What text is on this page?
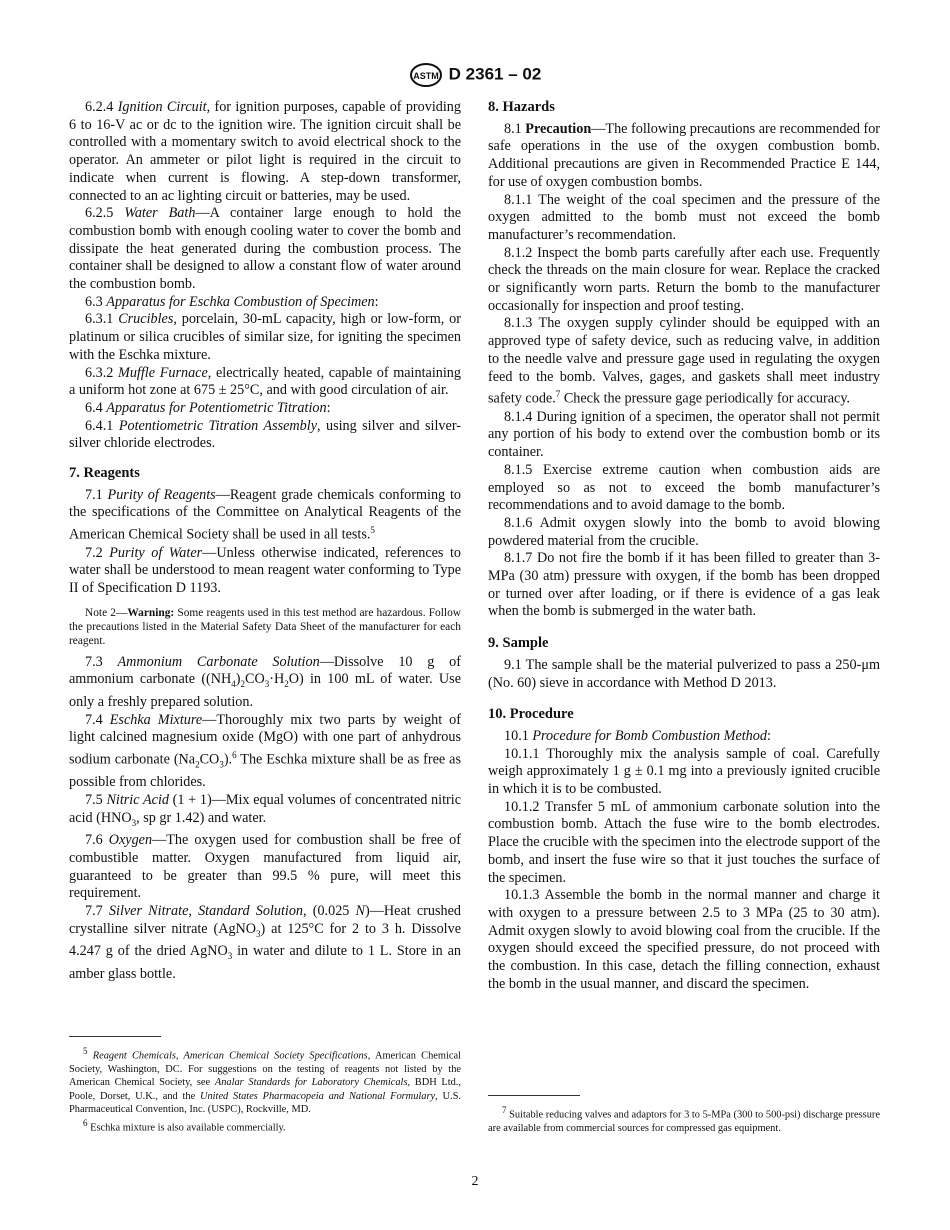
ASTM D 2361 – 02

6.2.4 Ignition Circuit, for ignition purposes, capable of providing 6 to 16-V ac or dc to the ignition wire. The ignition circuit shall be controlled with a momentary switch to avoid electrical shock to the operator. An ammeter or pilot light is required in the circuit to indicate when current is flowing. A step-down transformer, connected to an ac lighting circuit or batteries, may be used.

6.2.5 Water Bath—A container large enough to hold the combustion bomb with enough cooling water to cover the bomb and dissipate the heat generated during the combustion process. The container shall be designed to allow a constant flow of water around the combustion bomb.

6.3 Apparatus for Eschka Combustion of Specimen:

6.3.1 Crucibles, porcelain, 30-mL capacity, high or low-form, or platinum or silica crucibles of similar size, for igniting the specimen with the Eschka mixture.

6.3.2 Muffle Furnace, electrically heated, capable of maintaining a uniform hot zone at 675 ± 25°C, and with good circulation of air.

6.4 Apparatus for Potentiometric Titration:

6.4.1 Potentiometric Titration Assembly, using silver and silver-silver chloride electrodes.

7. Reagents

7.1 Purity of Reagents—Reagent grade chemicals conforming to the specifications of the Committee on Analytical Reagents of the American Chemical Society shall be used in all tests.$^5$

7.2 Purity of Water—Unless otherwise indicated, references to water shall be understood to mean reagent water conforming to Type II of Specification D 1193.

Note 2—Warning: Some reagents used in this test method are hazardous. Follow the precautions listed in the Material Safety Data Sheet of the manufacturer for each reagent.

7.3 Ammonium Carbonate Solution—Dissolve 10 g of ammonium carbonate $((NH_4)_2CO_3\cdot H_2O)$ in 100 mL of water. Use only a freshly prepared solution.

7.4 Eschka Mixture—Thoroughly mix two parts by weight of light calcined magnesium oxide (MgO) with one part of anhydrous sodium carbonate $(Na_2CO_3).^6$ The Eschka mixture shall be as free as possible from chlorides.

7.5 Nitric Acid (1 + 1)—Mix equal volumes of concentrated nitric acid ($HNO_3$, sp gr 1.42) and water.

7.6 Oxygen—The oxygen used for combustion shall be free of combustible matter. Oxygen manufactured from liquid air, guaranteed to be greater than 99.5 % pure, will meet this requirement.

7.7 Silver Nitrate, Standard Solution, (0.025 N)—Heat crushed crystalline silver nitrate (AgNO$_3$) at 125°C for 2 to 3 h. Dissolve 4.247 g of the dried AgNO$_3$ in water and dilute to 1 L. Store in an amber glass bottle.

$^5$ Reagent Chemicals, American Chemical Society Specifications, American Chemical Society, Washington, DC. For suggestions on the testing of reagents not listed by the American Chemical Society, see Analar Standards for Laboratory Chemicals, BDH Ltd., Poole, Dorset, U.K., and the United States Pharmacopeia and National Formulary, U.S. Pharmaceutical Convention, Inc. (USPC), Rockville, MD.

$^6$ Eschka mixture is also available commercially.

8. Hazards

8.1 Precaution—The following precautions are recommended for safe operations in the use of the oxygen combustion bomb. Additional precautions are given in Recommended Practice E 144, for use of oxygen combustion bombs.

8.1.1 The weight of the coal specimen and the pressure of the oxygen admitted to the bomb must not exceed the bomb manufacturer’s recommendation.

8.1.2 Inspect the bomb parts carefully after each use. Frequently check the threads on the main closure for wear. Replace the cracked or significantly worn parts. Return the bomb to the manufacturer occasionally for inspection and proof testing.

8.1.3 The oxygen supply cylinder should be equipped with an approved type of safety device, such as reducing valve, in addition to the needle valve and pressure gage used in regulating the oxygen feed to the bomb. Valves, gages, and gaskets shall meet industry safety code.$^7$ Check the pressure gage periodically for accuracy.

8.1.4 During ignition of a specimen, the operator shall not permit any portion of his body to extend over the combustion bomb or its container.

8.1.5 Exercise extreme caution when combustion aids are employed so as not to exceed the bomb manufacturer’s recommendations and to avoid damage to the bomb.

8.1.6 Admit oxygen slowly into the bomb to avoid blowing powdered material from the crucible.

8.1.7 Do not fire the bomb if it has been filled to greater than 3-MPa (30 atm) pressure with oxygen, if the bomb has been dropped or turned over after loading, or if there is evidence of a gas leak when the bomb is submerged in the water bath.

9. Sample

9.1 The sample shall be the material pulverized to pass a 250-μm (No. 60) sieve in accordance with Method D 2013.

10. Procedure

10.1 Procedure for Bomb Combustion Method:

10.1.1 Thoroughly mix the analysis sample of coal. Carefully weigh approximately 1 g ± 0.1 mg into a previously ignited crucible in which it is to be combusted.

10.1.2 Transfer 5 mL of ammonium carbonate solution into the combustion bomb. Attach the fuse wire to the bomb electrodes. Place the crucible with the specimen into the electrode support of the bomb, and insert the fuse wire so that it just touches the surface of the specimen.

10.1.3 Assemble the bomb in the normal manner and charge it with oxygen to a pressure between 2.5 to 3 MPa (25 to 30 atm). Admit oxygen slowly to avoid blowing coal from the crucible. If the oxygen should exceed the specified pressure, do not proceed with the combustion. In this case, detach the filling connection, exhaust the bomb in the usual manner, and discard the specimen.

$^7$ Suitable reducing valves and adaptors for 3 to 5-MPa (300 to 500-psi) discharge pressure are available from commercial sources for compressed gas equipment.

2
